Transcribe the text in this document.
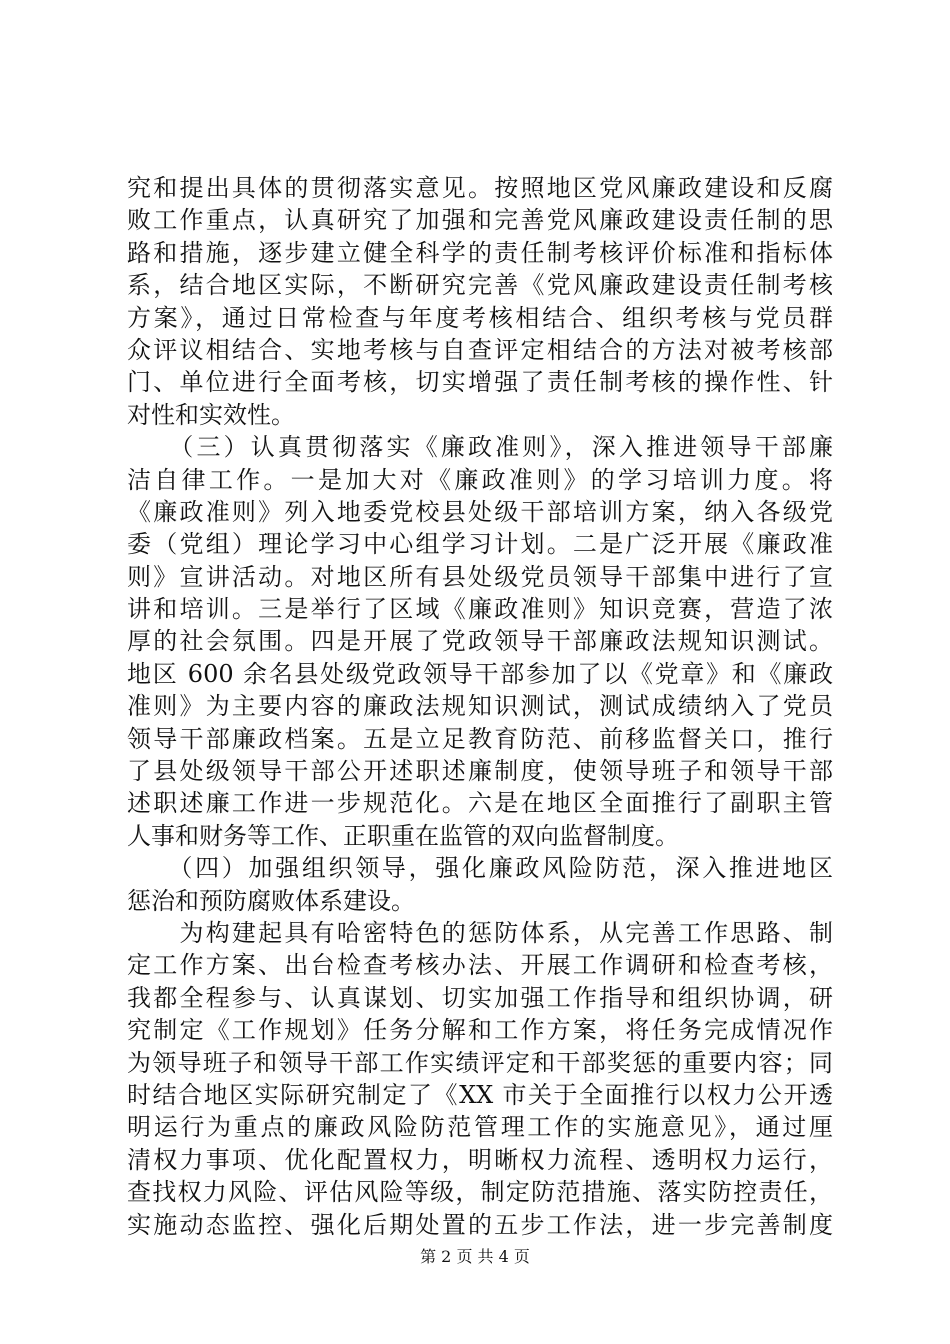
究和提出具体的贯彻落实意见。按照地区党风廉政建设和反腐
败工作重点，认真研究了加强和完善党风廉政建设责任制的思
路和措施，逐步建立健全科学的责任制考核评价标准和指标体
系，结合地区实际，不断研究完善《党风廉政建设责任制考核
方案》，通过日常检查与年度考核相结合、组织考核与党员群
众评议相结合、实地考核与自查评定相结合的方法对被考核部
门、单位进行全面考核，切实增强了责任制考核的操作性、针
对性和实效性。
　　（三）认真贯彻落实《廉政准则》，深入推进领导干部廉
洁自律工作。一是加大对《廉政准则》的学习培训力度。将
《廉政准则》列入地委党校县处级干部培训方案，纳入各级党
委（党组）理论学习中心组学习计划。二是广泛开展《廉政准
则》宣讲活动。对地区所有县处级党员领导干部集中进行了宣
讲和培训。三是举行了区域《廉政准则》知识竞赛，营造了浓
厚的社会氛围。四是开展了党政领导干部廉政法规知识测试。
地区 600 余名县处级党政领导干部参加了以《党章》和《廉政
准则》为主要内容的廉政法规知识测试，测试成绩纳入了党员
领导干部廉政档案。五是立足教育防范、前移监督关口，推行
了县处级领导干部公开述职述廉制度，使领导班子和领导干部
述职述廉工作进一步规范化。六是在地区全面推行了副职主管
人事和财务等工作、正职重在监管的双向监督制度。
　　（四）加强组织领导，强化廉政风险防范，深入推进地区
惩治和预防腐败体系建设。
　　为构建起具有哈密特色的惩防体系，从完善工作思路、制
定工作方案、出台检查考核办法、开展工作调研和检查考核，
我都全程参与、认真谋划、切实加强工作指导和组织协调，研
究制定《工作规划》任务分解和工作方案，将任务完成情况作
为领导班子和领导干部工作实绩评定和干部奖惩的重要内容；同
时结合地区实际研究制定了《XX 市关于全面推行以权力公开透
明运行为重点的廉政风险防范管理工作的实施意见》，通过厘
清权力事项、优化配置权力，明晰权力流程、透明权力运行，
查找权力风险、评估风险等级，制定防范措施、落实防控责任，
实施动态监控、强化后期处置的五步工作法，进一步完善制度
第 2 页 共 4 页
